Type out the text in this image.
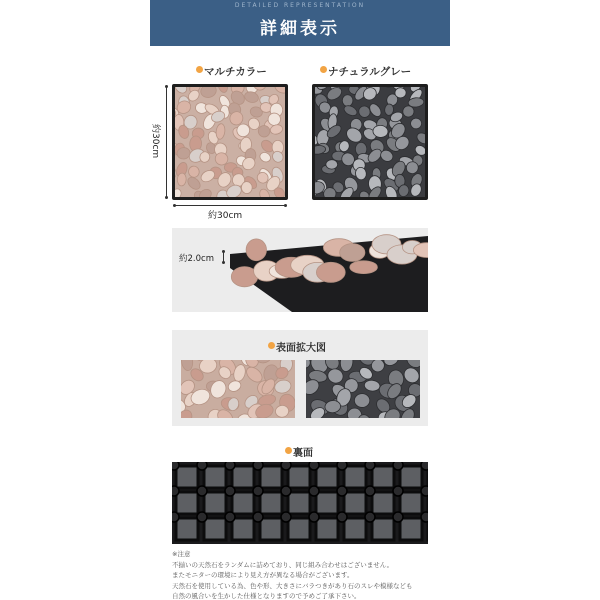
DETAILED REPRESENTATION
詳細表示
マルチカラー	ナチュラルグレー
約30cm
約30cm
約2.0cm
表面拡大図
裏面
※注意
不揃いの天然石をランダムに詰めており、同じ組み合わせはございません。
またモニターの環境により見え方が異なる場合がございます。
天然石を使用している為、色や形、大きさにバラつきがあり石のスレや模様なども
自然の風合いを生かした仕様となりますので予めご了承下さい。
